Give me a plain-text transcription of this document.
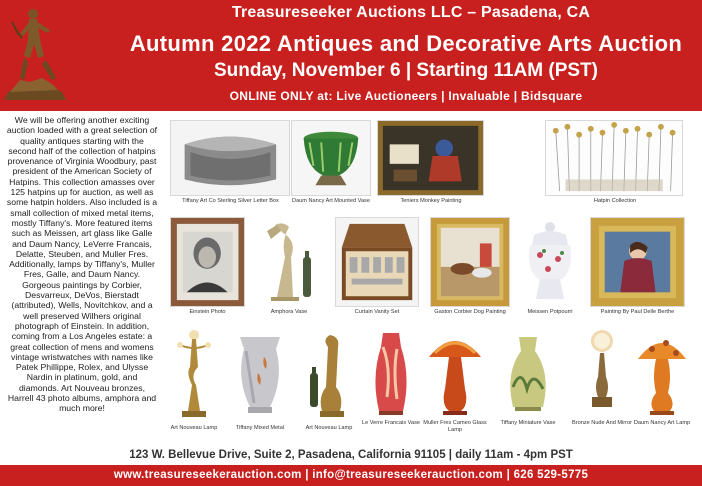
Treasureseeker Auctions LLC – Pasadena, CA
Autumn 2022 Antiques and Decorative Arts Auction
Sunday, November 6 | Starting 11AM (PST)
ONLINE ONLY at: Live Auctioneers | Invaluable | Bidsquare
We will be offering another exciting auction loaded with a great selection of quality antiques starting with the second half of the collection of hatpins provenance of Virginia Woodbury, past president of the American Society of Hatpins. This collection amasses over 125 hatpins up for auction, as well as some hatpin holders. Also included is a small collection of mixed metal items, mostly Tiffany's. More featured items such as Meissen, art glass like Galle and Daum Nancy, LeVerre Francais, Delatte, Steuben, and Muller Fres. Additionally, lamps by Tiffany's, Muller Fres, Galle, and Daum Nancy. Gorgeous paintings by Corbier, Desvarreux, DeVos, Bierstadt (attributed), Wells, Novitchkov, and a well preserved Wilhers original photograph of Einstein. In addition, coming from a Los Angeles estate: a great collection of mens and womens vintage wristwatches with names like Patek Phillippe, Rolex, and Ulysse Nardin in platinum, gold, and diamonds. Art Nouveau bronzes, Harrell 43 photo albums, amphora and much more!
Tiffany Art Co Sterling Silver Letter Box	Daum Nancy Art Mounted Vase	Teniers Monkey Painting	Hatpin Collection
Einstein Photo	Amphora Vase	Curtain Vanity Set	Gaston Corbier Dog Painting	Meissen Potpourri	Painting By Paul Delle Berthe
Art Nouveau Lamp	Tiffany Mixed Metal	Art Nouveau Lamp
Le Verre Francais Vase Muller Fres Cameo Glass Lamp
Tiffany Miniature Vase	Bronze Nude And Mirror Daum Nancy Art Lamp
123 W. Bellevue Drive, Suite 2, Pasadena, California 91105 | daily 11am - 4pm PST
www.treasureseekerauction.com | info@treasureseekerauction.com | 626 529-5775
